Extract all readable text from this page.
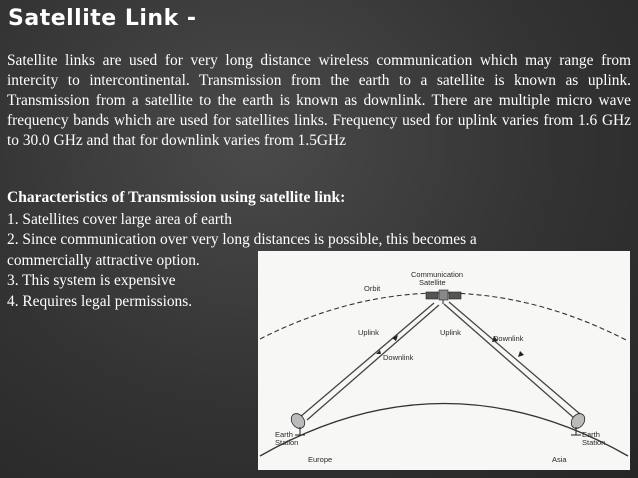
Satellite Link -

Satellite links are used for very long distance wireless communication which may range from intercity to intercontinental. Transmission from the earth to a satellite is known as uplink. Transmission from a satellite to the earth is known as downlink. There are multiple micro wave frequency bands which are used for satellites links. Frequency used for uplink varies from 1.6 GHz to 30.0 GHz and that for downlink varies from 1.5GHz

Characteristics of Transmission using satellite link:

1. Satellites cover large area of earth
2. Since communication over very long distances is possible, this becomes a
commercially attractive option.
3. This system is expensive
4. Requires legal permissions.
Communication
Satellite
Orbit
Uplink
Downlink
Uplink
Downlink
Earth
Station
Earth
Station
Europe	Asia
